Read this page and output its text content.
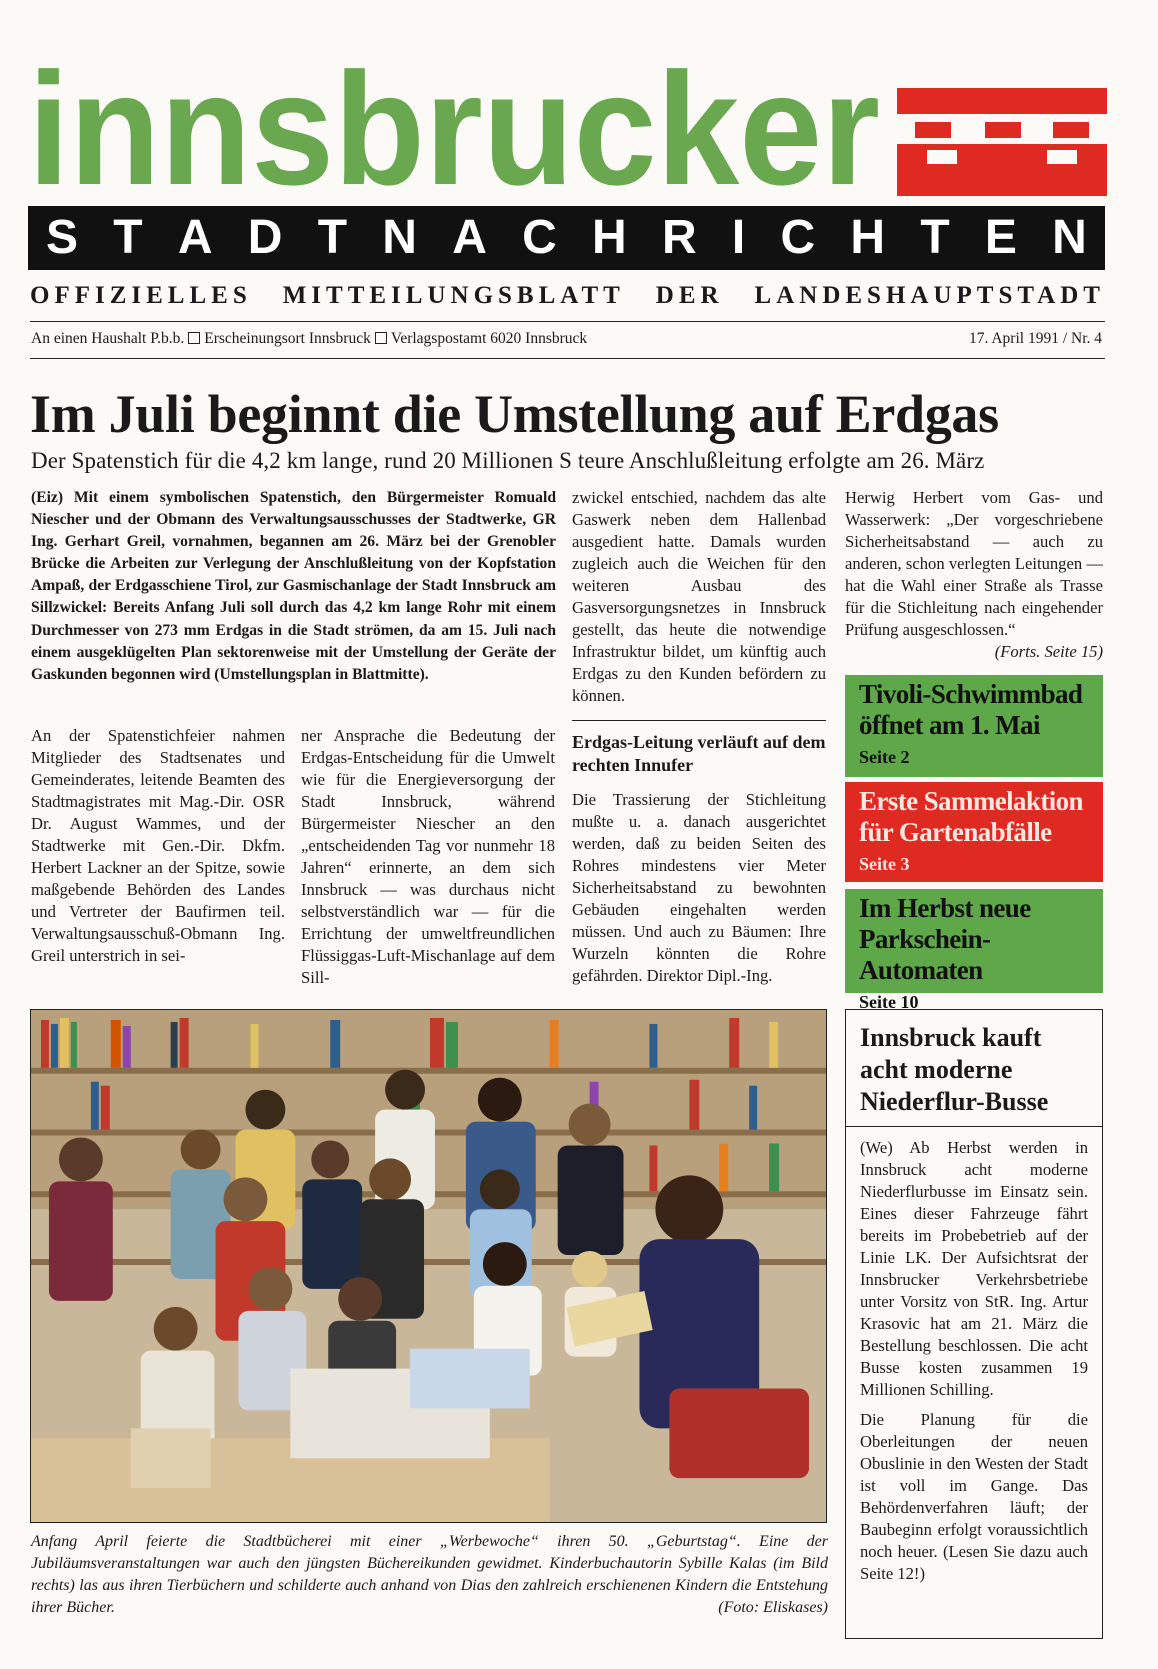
innsbrucker
S T A D T N A C H R I C H T E N
OFFIZIELLES MITTEILUNGSBLATT DER LANDESHAUPTSTADT
An einen Haushalt P.b.b. Erscheinungsort Innsbruck Verlagspostamt 6020 Innsbruck	17. April 1991 / Nr. 4
Im Juli beginnt die Umstellung auf Erdgas
Der Spatenstich für die 4,2 km lange, rund 20 Millionen S teure Anschlußleitung erfolgte am 26. März
(Eiz) Mit einem symbolischen Spatenstich, den Bürgermeister Romuald Niescher und der Obmann des Verwaltungsausschusses der Stadtwerke, GR Ing. Gerhart Greil, vornahmen, begannen am 26. März bei der Grenobler Brücke die Arbeiten zur Verlegung der Anschlußleitung von der Kopfstation Ampaß, der Erdgasschiene Tirol, zur Gasmischanlage der Stadt Innsbruck am Sillzwickel: Bereits Anfang Juli soll durch das 4,2 km lange Rohr mit einem Durchmesser von 273 mm Erdgas in die Stadt strömen, da am 15. Juli nach einem ausgeklügelten Plan sektorenweise mit der Umstellung der Geräte der Gaskunden begonnen wird (Umstellungsplan in Blattmitte).
An der Spatenstichfeier nahmen Mitglieder des Stadtsenates und Gemeinderates, leitende Beamten des Stadtmagistrates mit Mag.-Dir. OSR Dr. August Wammes, und der Stadtwerke mit Gen.-Dir. Dkfm. Herbert Lackner an der Spitze, sowie maßgebende Behörden des Landes und Vertreter der Baufirmen teil. Verwaltungsausschuß-Obmann Ing. Greil unterstrich in sei-
ner Ansprache die Bedeutung der Erdgas-Entscheidung für die Umwelt wie für die Energieversorgung der Stadt Innsbruck, während Bürgermeister Niescher an den „entscheidenden Tag vor nunmehr 18 Jahren“ erinnerte, an dem sich Innsbruck — was durchaus nicht selbstverständlich war — für die Errichtung der umweltfreundlichen Flüssiggas-Luft-Mischanlage auf dem Sill-
zwickel entschied, nachdem das alte Gaswerk neben dem Hallenbad ausgedient hatte. Damals wurden zugleich auch die Weichen für den weiteren Ausbau des Gasversorgungsnetzes in Innsbruck gestellt, das heute die notwendige Infrastruktur bildet, um künftig auch Erdgas zu den Kunden befördern zu können.
Erdgas-Leitung verläuft auf dem rechten Innufer
Die Trassierung der Stichleitung mußte u. a. danach ausgerichtet werden, daß zu beiden Seiten des Rohres mindestens vier Meter Sicherheitsabstand zu bewohnten Gebäuden eingehalten werden müssen. Und auch zu Bäumen: Ihre Wurzeln könnten die Rohre gefährden. Direktor Dipl.-Ing.
Herwig Herbert vom Gas- und Wasserwerk: „Der vorgeschriebene Sicherheitsabstand — auch zu anderen, schon verlegten Leitungen — hat die Wahl einer Straße als Trasse für die Stichleitung nach eingehender Prüfung ausgeschlossen.“
(Forts. Seite 15)
Tivoli-Schwimmbad öffnet am 1. Mai
Seite 2
Erste Sammelaktion für Gartenabfälle
Seite 3
Im Herbst neue Parkschein-Automaten
Seite 10
Anfang April feierte die Stadtbücherei mit einer „Werbewoche“ ihren 50. „Geburtstag“. Eine der Jubiläumsveranstaltungen war auch den jüngsten Büchereikunden gewidmet. Kinderbuchautorin Sybille Kalas (im Bild rechts) las aus ihren Tierbüchern und schilderte auch anhand von Dias den zahlreich erschienenen Kindern die Entstehung ihrer Bücher.	(Foto: Eliskases)
Innsbruck kauft acht moderne Niederflur-Busse
(We) Ab Herbst werden in Innsbruck acht moderne Niederflurbusse im Einsatz sein. Eines dieser Fahrzeuge fährt bereits im Probebetrieb auf der Linie LK. Der Aufsichtsrat der Innsbrucker Verkehrsbetriebe unter Vorsitz von StR. Ing. Artur Krasovic hat am 21. März die Bestellung beschlossen. Die acht Busse kosten zusammen 19 Millionen Schilling.
Die Planung für die Oberleitungen der neuen Obuslinie in den Westen der Stadt ist voll im Gange. Das Behördenverfahren läuft; der Baubeginn erfolgt voraussichtlich noch heuer. (Lesen Sie dazu auch Seite 12!)
